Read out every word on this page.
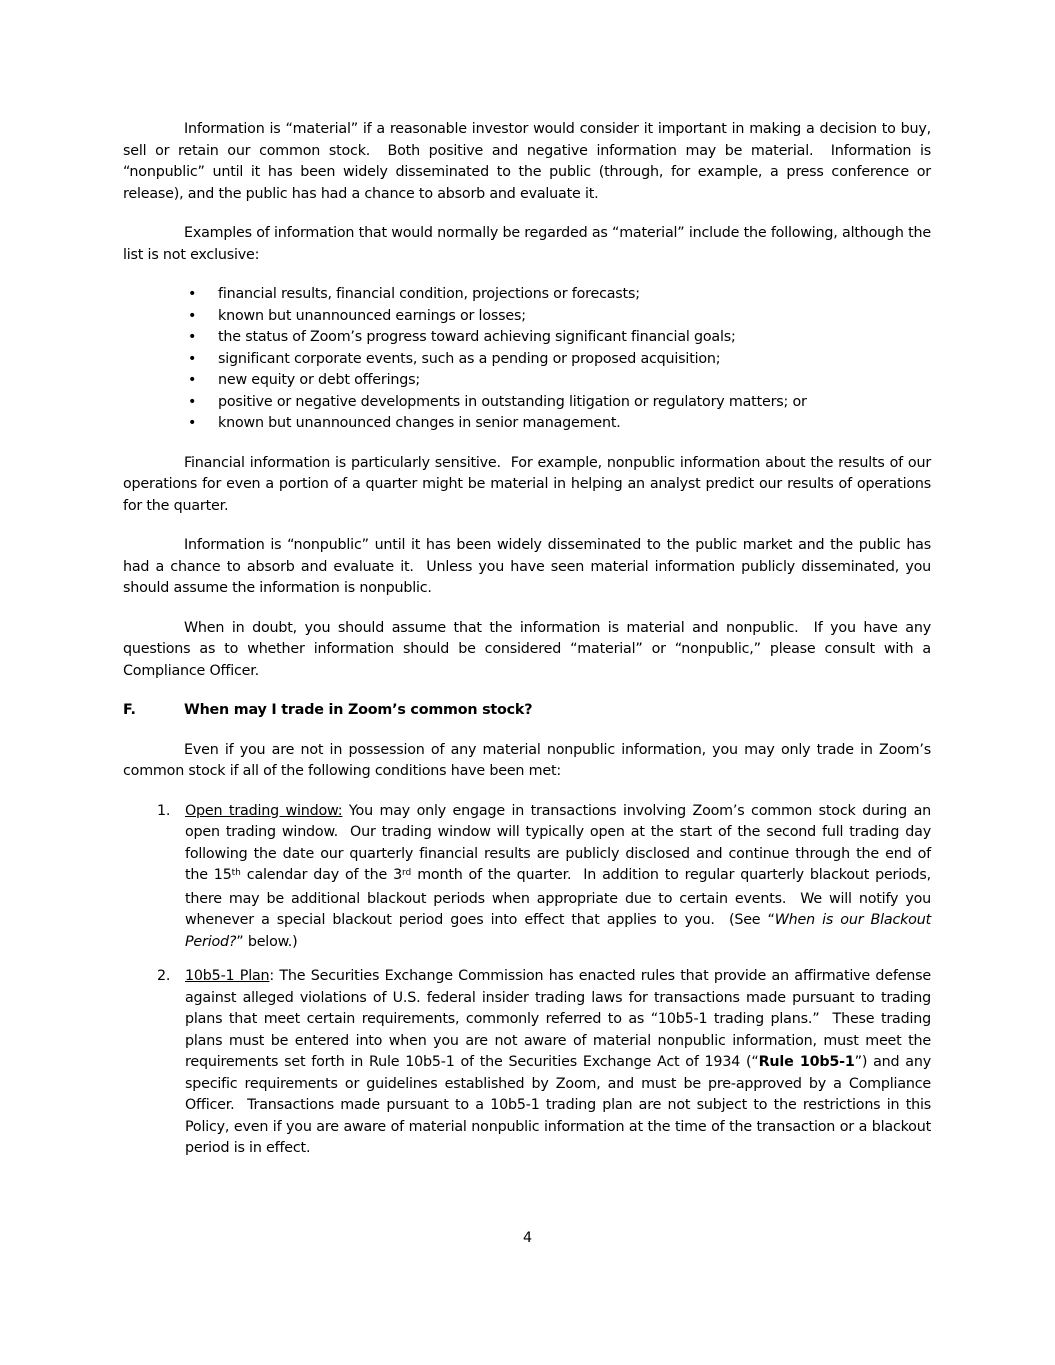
Information is “material” if a reasonable investor would consider it important in making a decision to buy, sell or retain our common stock.  Both positive and negative information may be material.  Information is “nonpublic” until it has been widely disseminated to the public (through, for example, a press conference or release), and the public has had a chance to absorb and evaluate it.

Examples of information that would normally be regarded as “material” include the following, although the list is not exclusive:

• financial results, financial condition, projections or forecasts;
• known but unannounced earnings or losses;
• the status of Zoom’s progress toward achieving significant financial goals;
• significant corporate events, such as a pending or proposed acquisition;
• new equity or debt offerings;
• positive or negative developments in outstanding litigation or regulatory matters; or
• known but unannounced changes in senior management.

Financial information is particularly sensitive.  For example, nonpublic information about the results of our operations for even a portion of a quarter might be material in helping an analyst predict our results of operations for the quarter.

Information is “nonpublic” until it has been widely disseminated to the public market and the public has had a chance to absorb and evaluate it.  Unless you have seen material information publicly disseminated, you should assume the information is nonpublic.

When in doubt, you should assume that the information is material and nonpublic.  If you have any questions as to whether information should be considered “material” or “nonpublic,” please consult with a Compliance Officer.

F.	When may I trade in Zoom’s common stock?

Even if you are not in possession of any material nonpublic information, you may only trade in Zoom’s common stock if all of the following conditions have been met:

1. Open trading window: You may only engage in transactions involving Zoom’s common stock during an open trading window.  Our trading window will typically open at the start of the second full trading day following the date our quarterly financial results are publicly disclosed and continue through the end of the 15th calendar day of the 3rd month of the quarter.  In addition to regular quarterly blackout periods, there may be additional blackout periods when appropriate due to certain events.  We will notify you whenever a special blackout period goes into effect that applies to you.  (See “When is our Blackout Period?” below.)
2. 10b5-1 Plan: The Securities Exchange Commission has enacted rules that provide an affirmative defense against alleged violations of U.S. federal insider trading laws for transactions made pursuant to trading plans that meet certain requirements, commonly referred to as “10b5-1 trading plans.”  These trading plans must be entered into when you are not aware of material nonpublic information, must meet the requirements set forth in Rule 10b5-1 of the Securities Exchange Act of 1934 (“Rule 10b5-1”) and any specific requirements or guidelines established by Zoom, and must be pre-approved by a Compliance Officer.  Transactions made pursuant to a 10b5-1 trading plan are not subject to the restrictions in this Policy, even if you are aware of material nonpublic information at the time of the transaction or a blackout period is in effect.
4
